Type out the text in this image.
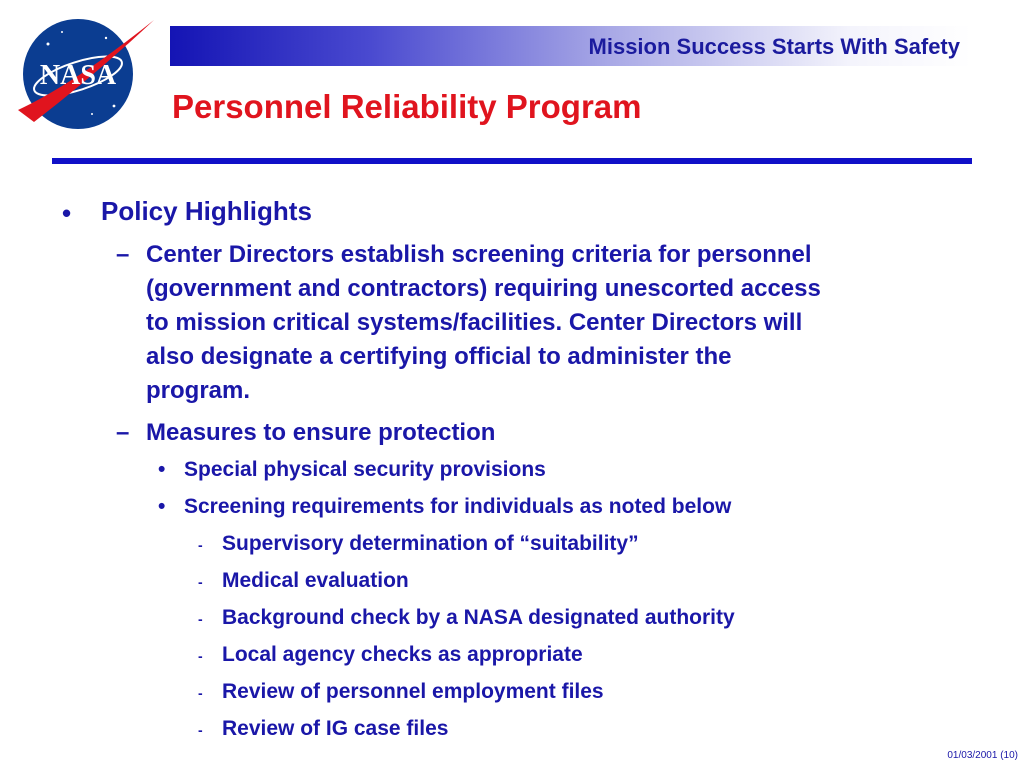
NASA
Mission Success Starts With Safety
Personnel Reliability Program
• Policy Highlights
– Center Directors establish screening criteria for personnel
(government and contractors) requiring unescorted access
to mission critical systems/facilities. Center Directors will
also designate a certifying official to administer the
program.
– Measures to ensure protection
• Special physical security provisions
• Screening requirements for individuals as noted below
- Supervisory determination of “suitability”
- Medical evaluation
- Background check by a NASA designated authority
- Local agency checks as appropriate
- Review of personnel employment files
- Review of IG case files
01/03/2001 (10)
